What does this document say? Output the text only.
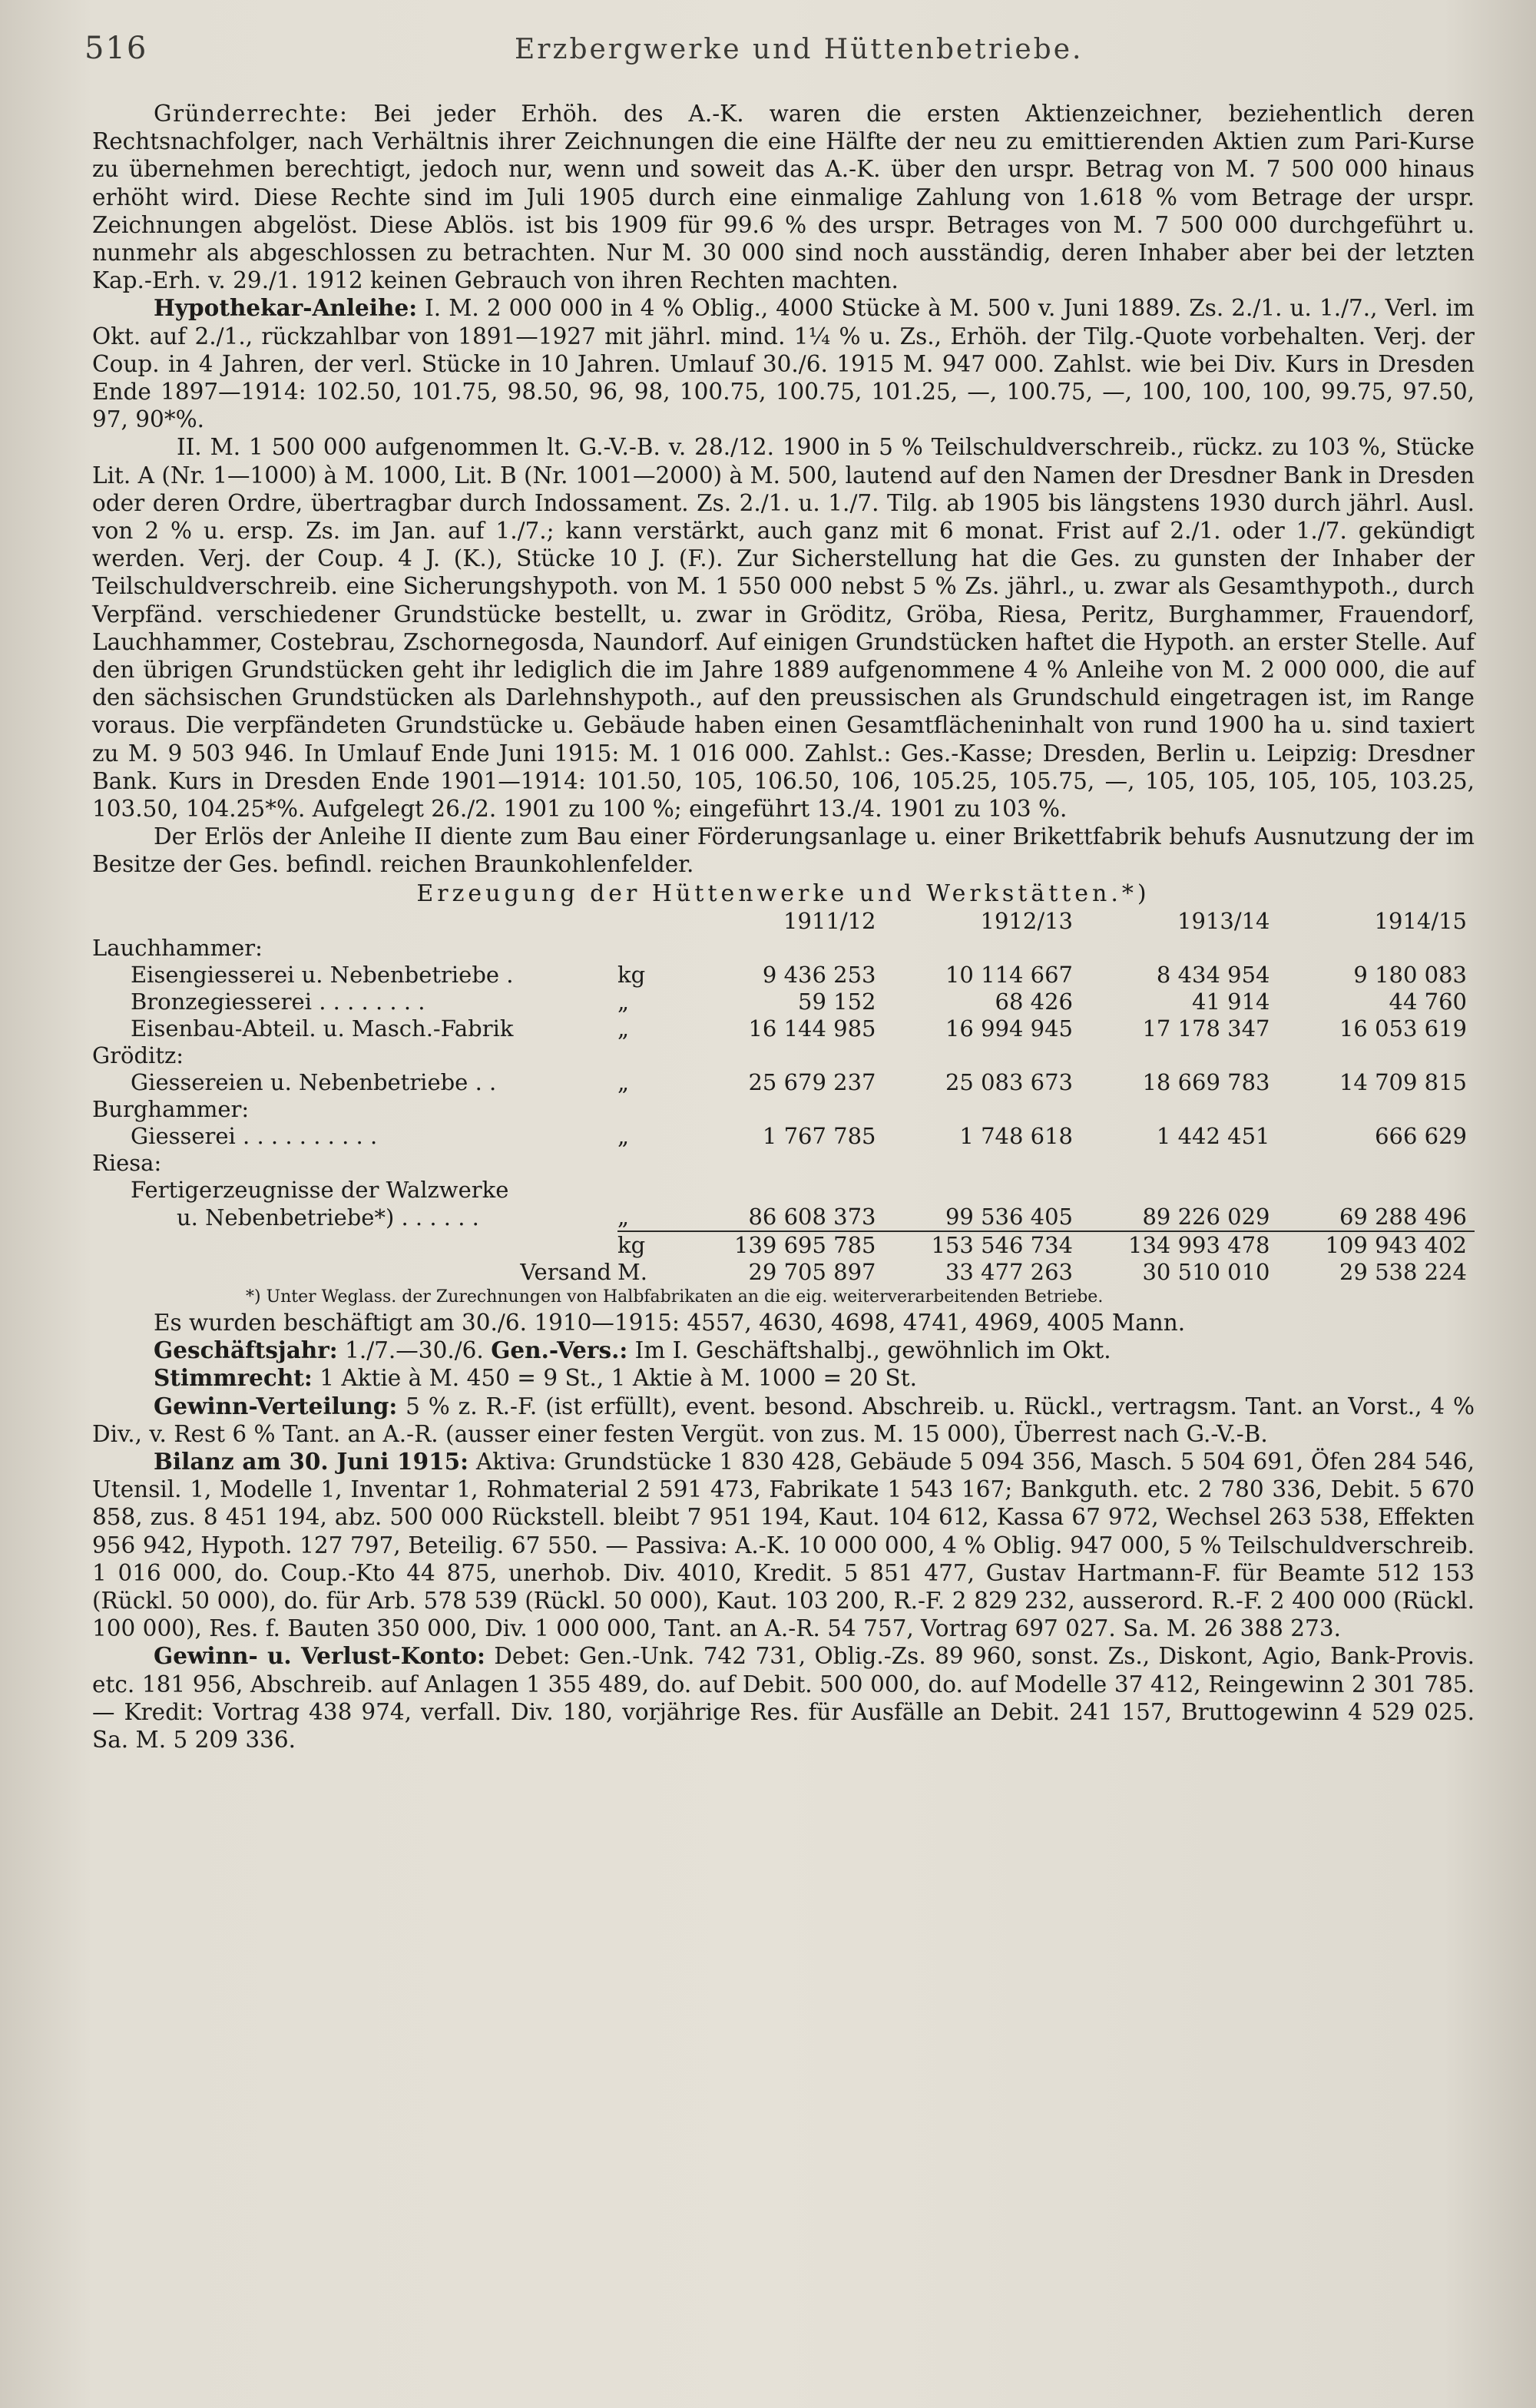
516	Erzbergwerke und Hüttenbetriebe.

Gründerrechte: Bei jeder Erhöh. des A.-K. waren die ersten Aktienzeichner, beziehentlich deren Rechtsnachfolger, nach Verhältnis ihrer Zeichnungen die eine Hälfte der neu zu emittierenden Aktien zum Pari-Kurse zu übernehmen berechtigt, jedoch nur, wenn und soweit das A.-K. über den urspr. Betrag von M. 7 500 000 hinaus erhöht wird. Diese Rechte sind im Juli 1905 durch eine einmalige Zahlung von 1.618 % vom Betrage der urspr. Zeichnungen abgelöst. Diese Ablös. ist bis 1909 für 99.6 % des urspr. Betrages von M. 7 500 000 durchgeführt u. nunmehr als abgeschlossen zu betrachten. Nur M. 30 000 sind noch ausständig, deren Inhaber aber bei der letzten Kap.-Erh. v. 29./1. 1912 keinen Gebrauch von ihren Rechten machten.

Hypothekar-Anleihe: I. M. 2 000 000 in 4 % Oblig., 4000 Stücke à M. 500 v. Juni 1889. Zs. 2./1. u. 1./7., Verl. im Okt. auf 2./1., rückzahlbar von 1891—1927 mit jährl. mind. 1¼ % u. Zs., Erhöh. der Tilg.-Quote vorbehalten. Verj. der Coup. in 4 Jahren, der verl. Stücke in 10 Jahren. Umlauf 30./6. 1915 M. 947 000. Zahlst. wie bei Div. Kurs in Dresden Ende 1897—1914: 102.50, 101.75, 98.50, 96, 98, 100.75, 100.75, 101.25, —, 100.75, —, 100, 100, 100, 99.75, 97.50, 97, 90*%.

II. M. 1 500 000 aufgenommen lt. G.-V.-B. v. 28./12. 1900 in 5 % Teilschuldverschreib., rückz. zu 103 %, Stücke Lit. A (Nr. 1—1000) à M. 1000, Lit. B (Nr. 1001—2000) à M. 500, lautend auf den Namen der Dresdner Bank in Dresden oder deren Ordre, übertragbar durch Indossament. Zs. 2./1. u. 1./7. Tilg. ab 1905 bis längstens 1930 durch jährl. Ausl. von 2 % u. ersp. Zs. im Jan. auf 1./7.; kann verstärkt, auch ganz mit 6 monat. Frist auf 2./1. oder 1./7. gekündigt werden. Verj. der Coup. 4 J. (K.), Stücke 10 J. (F.). Zur Sicherstellung hat die Ges. zu gunsten der Inhaber der Teilschuldverschreib. eine Sicherungshypoth. von M. 1 550 000 nebst 5 % Zs. jährl., u. zwar als Gesamthypoth., durch Verpfänd. verschiedener Grundstücke bestellt, u. zwar in Gröditz, Gröba, Riesa, Peritz, Burghammer, Frauendorf, Lauchhammer, Costebrau, Zschornegosda, Naundorf. Auf einigen Grundstücken haftet die Hypoth. an erster Stelle. Auf den übrigen Grundstücken geht ihr lediglich die im Jahre 1889 aufgenommene 4 % Anleihe von M. 2 000 000, die auf den sächsischen Grundstücken als Darlehnshypoth., auf den preussischen als Grundschuld eingetragen ist, im Range voraus. Die verpfändeten Grundstücke u. Gebäude haben einen Gesamtflächeninhalt von rund 1900 ha u. sind taxiert zu M. 9 503 946. In Umlauf Ende Juni 1915: M. 1 016 000. Zahlst.: Ges.-Kasse; Dresden, Berlin u. Leipzig: Dresdner Bank. Kurs in Dresden Ende 1901—1914: 101.50, 105, 106.50, 106, 105.25, 105.75, —, 105, 105, 105, 105, 103.25, 103.50, 104.25*%. Aufgelegt 26./2. 1901 zu 100 %; eingeführt 13./4. 1901 zu 103 %.

Der Erlös der Anleihe II diente zum Bau einer Förderungsanlage u. einer Brikettfabrik behufs Ausnutzung der im Besitze der Ges. befindl. reichen Braunkohlenfelder.

Erzeugung der Hüttenwerke und Werkstätten.*)
		1911/12	1912/13	1913/14	1914/15
Lauchhammer:					
Eisengiesserei u. Nebenbetriebe .	kg	9 436 253	10 114 667	8 434 954	9 180 083
Bronzegiesserei . . . . . . . .	„	59 152	68 426	41 914	44 760
Eisenbau-Abteil. u. Masch.-Fabrik	„	16 144 985	16 994 945	17 178 347	16 053 619
Gröditz:					
Giessereien u. Nebenbetriebe . .	„	25 679 237	25 083 673	18 669 783	14 709 815
Burghammer:					
Giesserei . . . . . . . . . .	„	1 767 785	1 748 618	1 442 451	666 629
Riesa:					
Fertigerzeugnisse der Walzwerke					
u. Nebenbetriebe*) . . . . . .	„	86 608 373	99 536 405	89 226 029	69 288 496
	kg	139 695 785	153 546 734	134 993 478	109 943 402
Versand	M.	29 705 897	33 477 263	30 510 010	29 538 224

*) Unter Weglass. der Zurechnungen von Halbfabrikaten an die eig. weiterverarbeitenden Betriebe.

Es wurden beschäftigt am 30./6. 1910—1915: 4557, 4630, 4698, 4741, 4969, 4005 Mann.

Geschäftsjahr: 1./7.—30./6. Gen.-Vers.: Im I. Geschäftshalbj., gewöhnlich im Okt.

Stimmrecht: 1 Aktie à M. 450 = 9 St., 1 Aktie à M. 1000 = 20 St.

Gewinn-Verteilung: 5 % z. R.-F. (ist erfüllt), event. besond. Abschreib. u. Rückl., vertragsm. Tant. an Vorst., 4 % Div., v. Rest 6 % Tant. an A.-R. (ausser einer festen Vergüt. von zus. M. 15 000), Überrest nach G.-V.-B.

Bilanz am 30. Juni 1915: Aktiva: Grundstücke 1 830 428, Gebäude 5 094 356, Masch. 5 504 691, Öfen 284 546, Utensil. 1, Modelle 1, Inventar 1, Rohmaterial 2 591 473, Fabrikate 1 543 167; Bankguth. etc. 2 780 336, Debit. 5 670 858, zus. 8 451 194, abz. 500 000 Rückstell. bleibt 7 951 194, Kaut. 104 612, Kassa 67 972, Wechsel 263 538, Effekten 956 942, Hypoth. 127 797, Beteilig. 67 550. — Passiva: A.-K. 10 000 000, 4 % Oblig. 947 000, 5 % Teilschuldverschreib. 1 016 000, do. Coup.-Kto 44 875, unerhob. Div. 4010, Kredit. 5 851 477, Gustav Hartmann-F. für Beamte 512 153 (Rückl. 50 000), do. für Arb. 578 539 (Rückl. 50 000), Kaut. 103 200, R.-F. 2 829 232, ausserord. R.-F. 2 400 000 (Rückl. 100 000), Res. f. Bauten 350 000, Div. 1 000 000, Tant. an A.-R. 54 757, Vortrag 697 027. Sa. M. 26 388 273.

Gewinn- u. Verlust-Konto: Debet: Gen.-Unk. 742 731, Oblig.-Zs. 89 960, sonst. Zs., Diskont, Agio, Bank-Provis. etc. 181 956, Abschreib. auf Anlagen 1 355 489, do. auf Debit. 500 000, do. auf Modelle 37 412, Reingewinn 2 301 785. — Kredit: Vortrag 438 974, verfall. Div. 180, vorjährige Res. für Ausfälle an Debit. 241 157, Bruttogewinn 4 529 025. Sa. M. 5 209 336.
